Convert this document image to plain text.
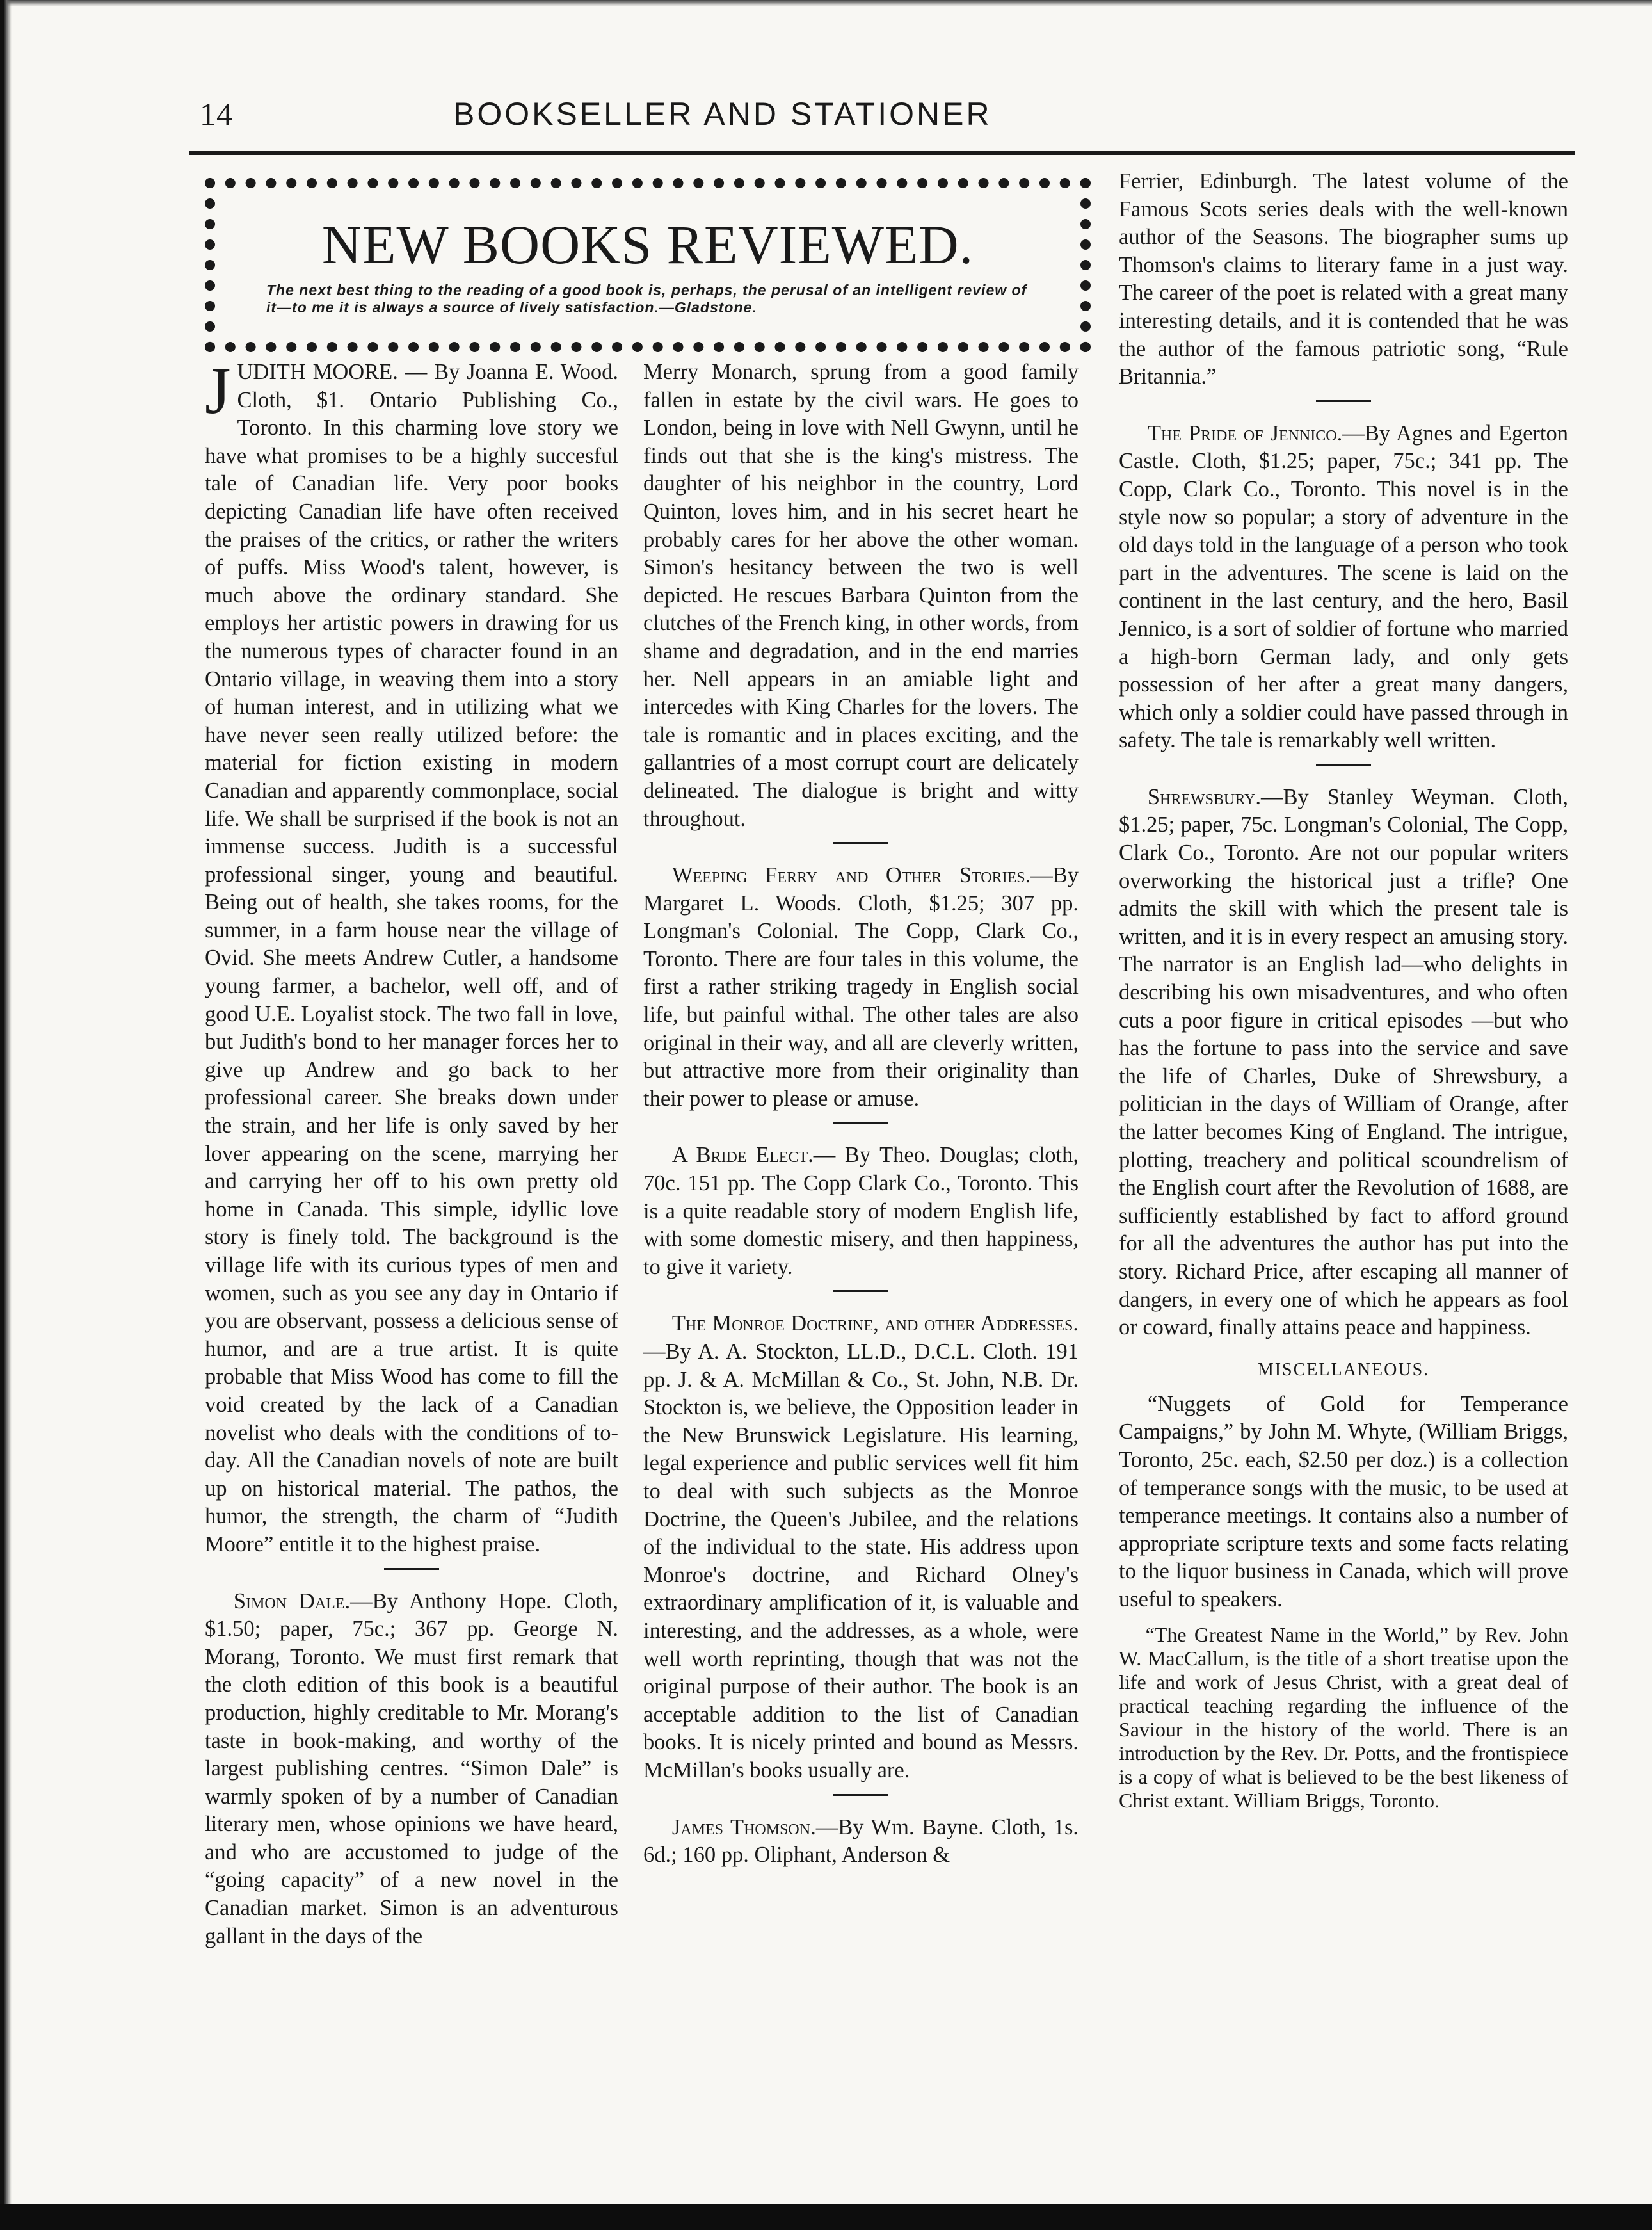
14	BOOKSELLER AND STATIONER
NEW BOOKS REVIEWED.
The next best thing to the reading of a good book is, perhaps, the perusal of an intelligent review of it—to me it is always a source of lively satisfaction.—Gladstone.

JUDITH MOORE. — By Joanna E. Wood. Cloth, $1. Ontario Publishing Co., Toronto. In this charming love story we have what promises to be a highly succesful tale of Canadian life. Very poor books depicting Canadian life have often received the praises of the critics, or rather the writers of puffs. Miss Wood's talent, however, is much above the ordinary standard. She employs her artistic powers in drawing for us the numerous types of character found in an Ontario village, in weaving them into a story of human interest, and in utilizing what we have never seen really utilized before: the material for fiction existing in modern Canadian and apparently commonplace, social life. We shall be surprised if the book is not an immense success. Judith is a successful professional singer, young and beautiful. Being out of health, she takes rooms, for the summer, in a farm house near the village of Ovid. She meets Andrew Cutler, a handsome young farmer, a bachelor, well off, and of good U.E. Loyalist stock. The two fall in love, but Judith's bond to her manager forces her to give up Andrew and go back to her professional career. She breaks down under the strain, and her life is only saved by her lover appearing on the scene, marrying her and carrying her off to his own pretty old home in Canada. This simple, idyllic love story is finely told. The background is the village life with its curious types of men and women, such as you see any day in Ontario if you are observant, possess a delicious sense of humor, and are a true artist. It is quite probable that Miss Wood has come to fill the void created by the lack of a Canadian novelist who deals with the conditions of to-day. All the Canadian novels of note are built up on historical material. The pathos, the humor, the strength, the charm of “Judith Moore” entitle it to the highest praise.

Simon Dale.—By Anthony Hope. Cloth, $1.50; paper, 75c.; 367 pp. George N. Morang, Toronto. We must first remark that the cloth edition of this book is a beautiful production, highly creditable to Mr. Morang's taste in book-making, and worthy of the largest publishing centres. “Simon Dale” is warmly spoken of by a number of Canadian literary men, whose opinions we have heard, and who are accustomed to judge of the “going capacity” of a new novel in the Canadian market. Simon is an adventurous gallant in the days of the

Merry Monarch, sprung from a good family fallen in estate by the civil wars. He goes to London, being in love with Nell Gwynn, until he finds out that she is the king's mistress. The daughter of his neighbor in the country, Lord Quinton, loves him, and in his secret heart he probably cares for her above the other woman. Simon's hesitancy between the two is well depicted. He rescues Barbara Quinton from the clutches of the French king, in other words, from shame and degradation, and in the end marries her. Nell appears in an amiable light and intercedes with King Charles for the lovers. The tale is romantic and in places exciting, and the gallantries of a most corrupt court are delicately delineated. The dialogue is bright and witty throughout.

Weeping Ferry and Other Stories.—By Margaret L. Woods. Cloth, $1.25; 307 pp. Longman's Colonial. The Copp, Clark Co., Toronto. There are four tales in this volume, the first a rather striking tragedy in English social life, but painful withal. The other tales are also original in their way, and all are cleverly written, but attractive more from their originality than their power to please or amuse.

A Bride Elect.— By Theo. Douglas; cloth, 70c. 151 pp. The Copp Clark Co., Toronto. This is a quite readable story of modern English life, with some domestic misery, and then happiness, to give it variety.

The Monroe Doctrine, and other Addresses.—By A. A. Stockton, LL.D., D.C.L. Cloth. 191 pp. J. & A. McMillan & Co., St. John, N.B. Dr. Stockton is, we believe, the Opposition leader in the New Brunswick Legislature. His learning, legal experience and public services well fit him to deal with such subjects as the Monroe Doctrine, the Queen's Jubilee, and the relations of the individual to the state. His address upon Monroe's doctrine, and Richard Olney's extraordinary amplification of it, is valuable and interesting, and the addresses, as a whole, were well worth reprinting, though that was not the original purpose of their author. The book is an acceptable addition to the list of Canadian books. It is nicely printed and bound as Messrs. McMillan's books usually are.

James Thomson.—By Wm. Bayne. Cloth, 1s. 6d.; 160 pp. Oliphant, Anderson &

Ferrier, Edinburgh. The latest volume of the Famous Scots series deals with the well-known author of the Seasons. The biographer sums up Thomson's claims to literary fame in a just way. The career of the poet is related with a great many interesting details, and it is contended that he was the author of the famous patriotic song, “Rule Britannia.”

The Pride of Jennico.—By Agnes and Egerton Castle. Cloth, $1.25; paper, 75c.; 341 pp. The Copp, Clark Co., Toronto. This novel is in the style now so popular; a story of adventure in the old days told in the language of a person who took part in the adventures. The scene is laid on the continent in the last century, and the hero, Basil Jennico, is a sort of soldier of fortune who married a high-born German lady, and only gets possession of her after a great many dangers, which only a soldier could have passed through in safety. The tale is remarkably well written.

Shrewsbury.—By Stanley Weyman. Cloth, $1.25; paper, 75c. Longman's Colonial, The Copp, Clark Co., Toronto. Are not our popular writers overworking the historical just a trifle? One admits the skill with which the present tale is written, and it is in every respect an amusing story. The narrator is an English lad—who delights in describing his own misadventures, and who often cuts a poor figure in critical episodes —but who has the fortune to pass into the service and save the life of Charles, Duke of Shrewsbury, a politician in the days of William of Orange, after the latter becomes King of England. The intrigue, plotting, treachery and political scoundrelism of the English court after the Revolution of 1688, are sufficiently established by fact to afford ground for all the adventures the author has put into the story. Richard Price, after escaping all manner of dangers, in every one of which he appears as fool or coward, finally attains peace and happiness.

MISCELLANEOUS.

“Nuggets of Gold for Temperance Campaigns,” by John M. Whyte, (William Briggs, Toronto, 25c. each, $2.50 per doz.) is a collection of temperance songs with the music, to be used at temperance meetings. It contains also a number of appropriate scripture texts and some facts relating to the liquor business in Canada, which will prove useful to speakers.

“The Greatest Name in the World,” by Rev. John W. MacCallum, is the title of a short treatise upon the life and work of Jesus Christ, with a great deal of practical teaching regarding the influence of the Saviour in the history of the world. There is an introduction by the Rev. Dr. Potts, and the frontispiece is a copy of what is believed to be the best likeness of Christ extant. William Briggs, Toronto.
